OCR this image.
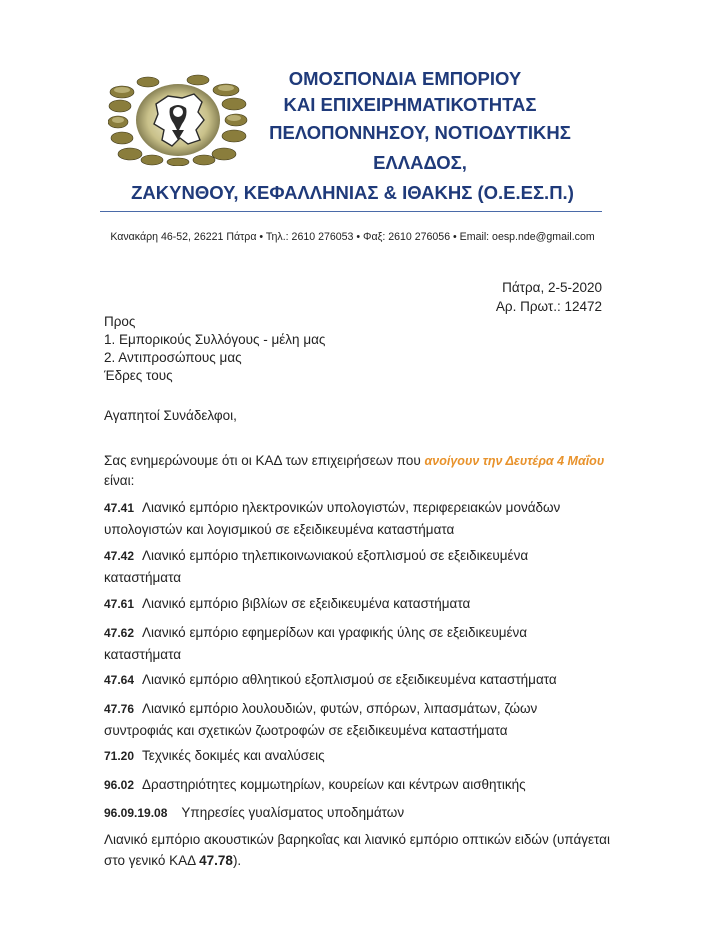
ΟΜΟΣΠΟΝΔΙΑ ΕΜΠΟΡΙΟΥ
ΚΑΙ ΕΠΙΧΕΙΡΗΜΑΤΙΚΟΤΗΤΑΣ
ΠΕΛΟΠΟΝΝΗΣΟΥ, ΝΟΤΙΟΔΥΤΙΚΗΣ
ΕΛΛΑΔΟΣ,
ΖΑΚΥΝΘΟΥ, ΚΕΦΑΛΛΗΝΙΑΣ & ΙΘΑΚΗΣ (Ο.Ε.ΕΣ.Π.)
Κανακάρη 46-52, 26221 Πάτρα • Τηλ.: 2610 276053 • Φαξ: 2610 276056 • Email: oesp.nde@gmail.com
Πάτρα, 2-5-2020
Αρ. Πρωτ.: 12472
Προς
1. Εμπορικούς Συλλόγους - μέλη μας
2. Αντιπροσώπους μας
Έδρες τους
Αγαπητοί Συνάδελφοι,
Σας ενημερώνουμε ότι οι ΚΑΔ των επιχειρήσεων που ανοίγουν την Δευτέρα 4 Μαΐου είναι:
47.41 Λιανικό εμπόριο ηλεκτρονικών υπολογιστών, περιφερειακών μονάδων υπολογιστών και λογισμικού σε εξειδικευμένα καταστήματα
47.42 Λιανικό εμπόριο τηλεπικοινωνιακού εξοπλισμού σε εξειδικευμένα καταστήματα
47.61 Λιανικό εμπόριο βιβλίων σε εξειδικευμένα καταστήματα
47.62 Λιανικό εμπόριο εφημερίδων και γραφικής ύλης σε εξειδικευμένα καταστήματα
47.64 Λιανικό εμπόριο αθλητικού εξοπλισμού σε εξειδικευμένα καταστήματα
47.76 Λιανικό εμπόριο λουλουδιών, φυτών, σπόρων, λιπασμάτων, ζώων συντροφιάς και σχετικών ζωοτροφών σε εξειδικευμένα καταστήματα
71.20 Τεχνικές δοκιμές και αναλύσεις
96.02 Δραστηριότητες κομμωτηρίων, κουρείων και κέντρων αισθητικής
96.09.19.08 Υπηρεσίες γυαλίσματος υποδημάτων
Λιανικό εμπόριο ακουστικών βαρηκοΐας και λιανικό εμπόριο οπτικών ειδών (υπάγεται στο γενικό ΚΑΔ 47.78).
